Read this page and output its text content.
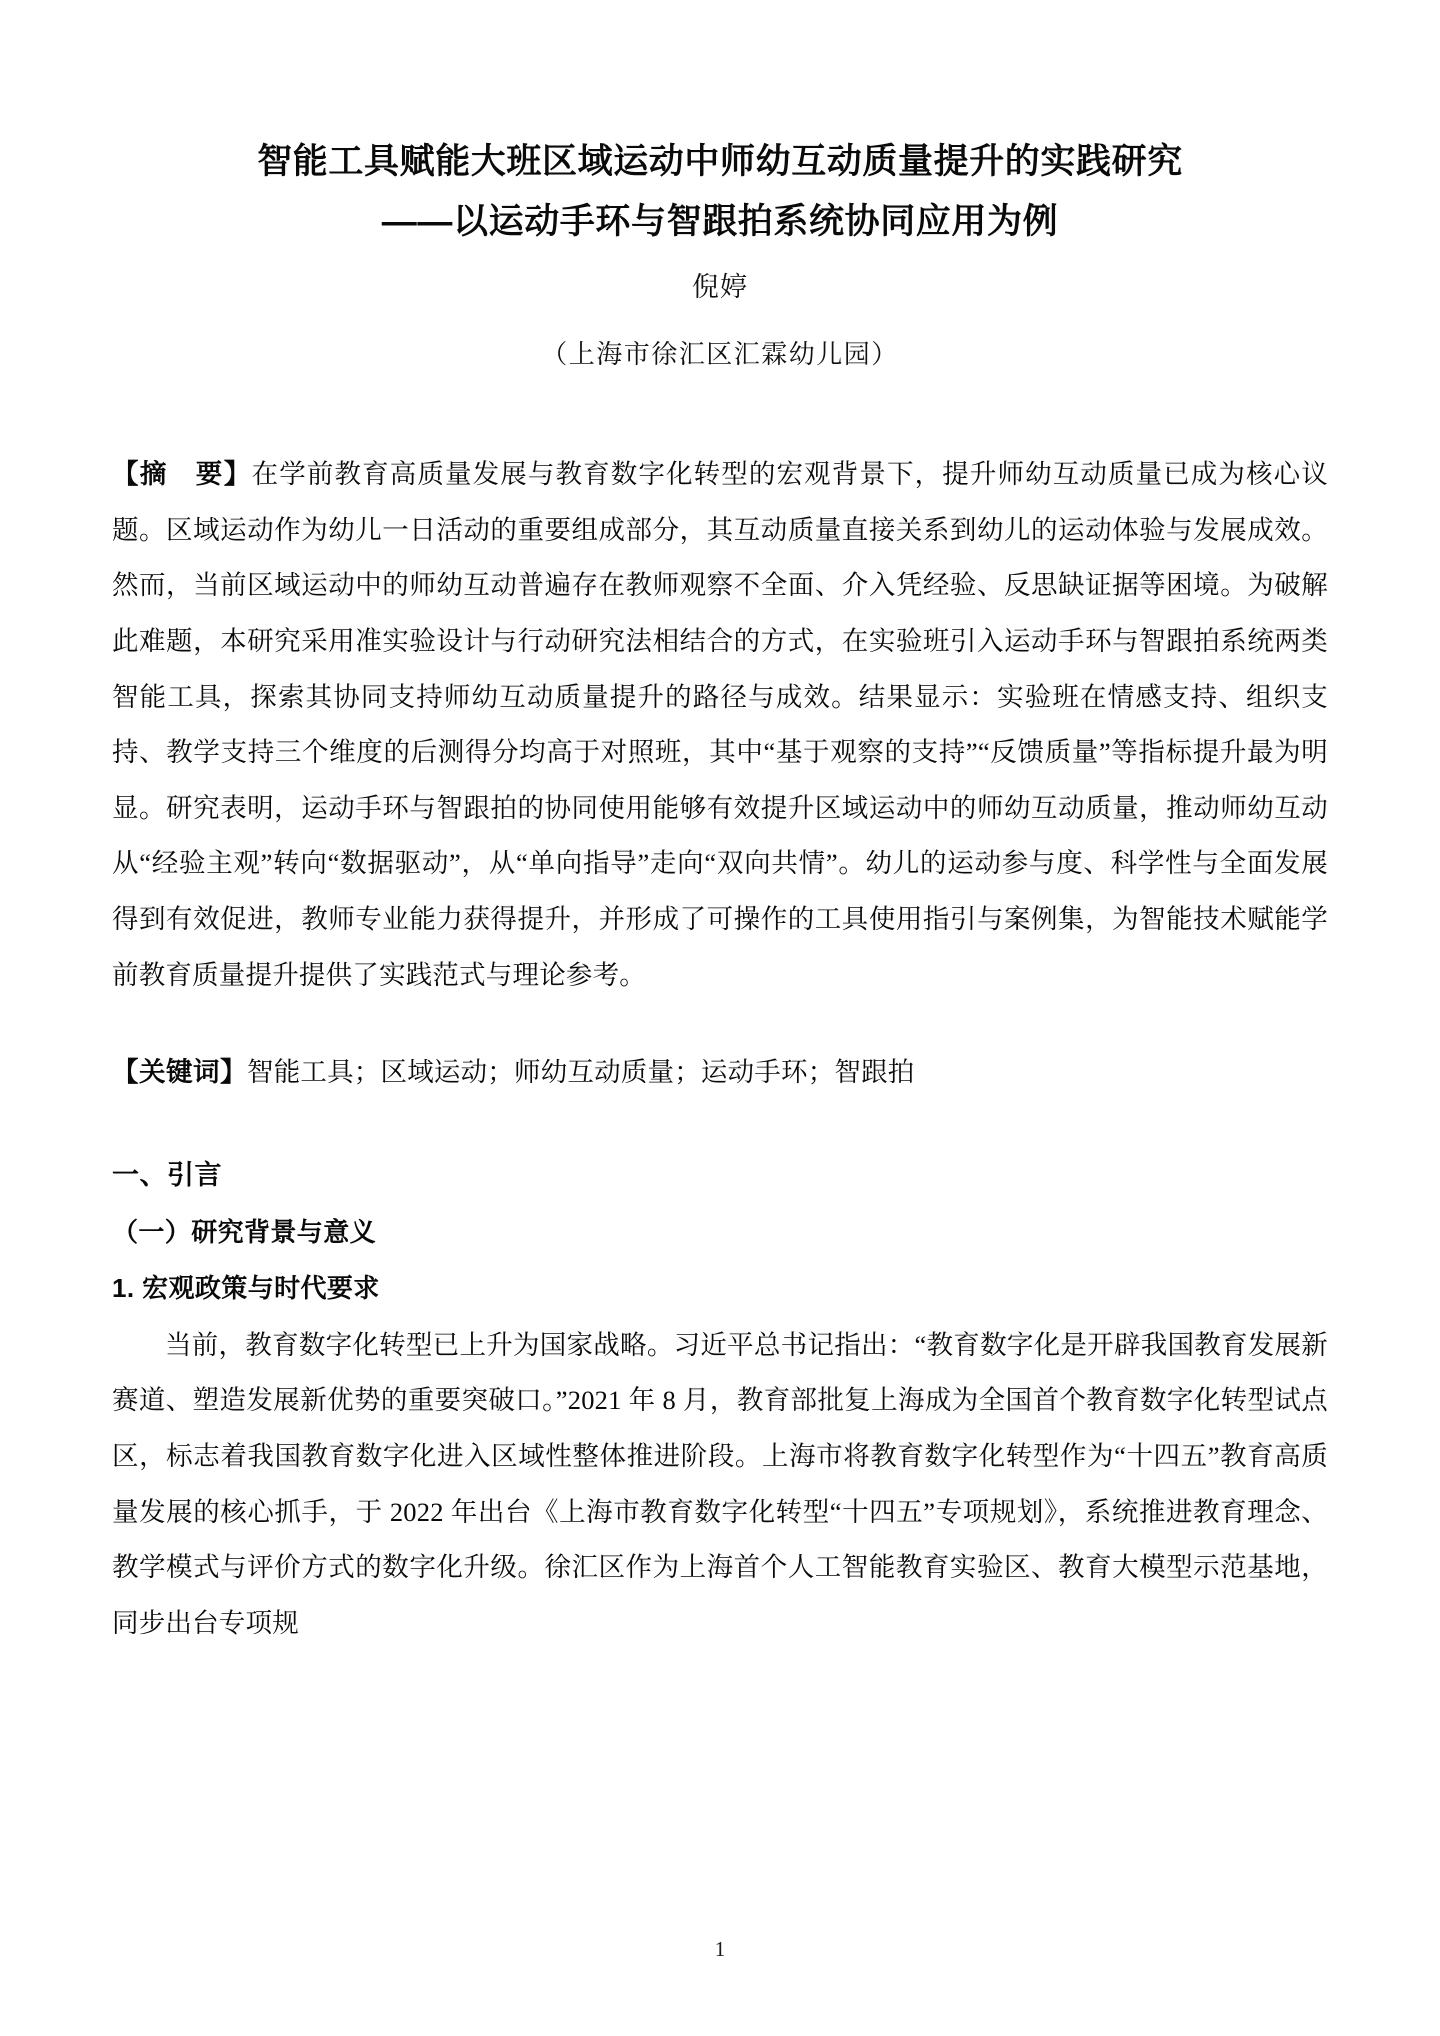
智能工具赋能大班区域运动中师幼互动质量提升的实践研究
——以运动手环与智跟拍系统协同应用为例

倪婷

（上海市徐汇区汇霖幼儿园）

【摘　要】在学前教育高质量发展与教育数字化转型的宏观背景下，提升师幼互动质量已成为核心议题。区域运动作为幼儿一日活动的重要组成部分，其互动质量直接关系到幼儿的运动体验与发展成效。然而，当前区域运动中的师幼互动普遍存在教师观察不全面、介入凭经验、反思缺证据等困境。为破解此难题，本研究采用准实验设计与行动研究法相结合的方式，在实验班引入运动手环与智跟拍系统两类智能工具，探索其协同支持师幼互动质量提升的路径与成效。结果显示：实验班在情感支持、组织支持、教学支持三个维度的后测得分均高于对照班，其中“基于观察的支持”“反馈质量”等指标提升最为明显。研究表明，运动手环与智跟拍的协同使用能够有效提升区域运动中的师幼互动质量，推动师幼互动从“经验主观”转向“数据驱动”，从“单向指导”走向“双向共情”。幼儿的运动参与度、科学性与全面发展得到有效促进，教师专业能力获得提升，并形成了可操作的工具使用指引与案例集，为智能技术赋能学前教育质量提升提供了实践范式与理论参考。

【关键词】智能工具；区域运动；师幼互动质量；运动手环；智跟拍

一、引言
（一）研究背景与意义
1. 宏观政策与时代要求

当前，教育数字化转型已上升为国家战略。习近平总书记指出：“教育数字化是开辟我国教育发展新赛道、塑造发展新优势的重要突破口。”2021 年 8 月，教育部批复上海成为全国首个教育数字化转型试点区，标志着我国教育数字化进入区域性整体推进阶段。上海市将教育数字化转型作为“十四五”教育高质量发展的核心抓手，于 2022 年出台《上海市教育数字化转型“十四五”专项规划》，系统推进教育理念、教学模式与评价方式的数字化升级。徐汇区作为上海首个人工智能教育实验区、教育大模型示范基地，同步出台专项规

1
